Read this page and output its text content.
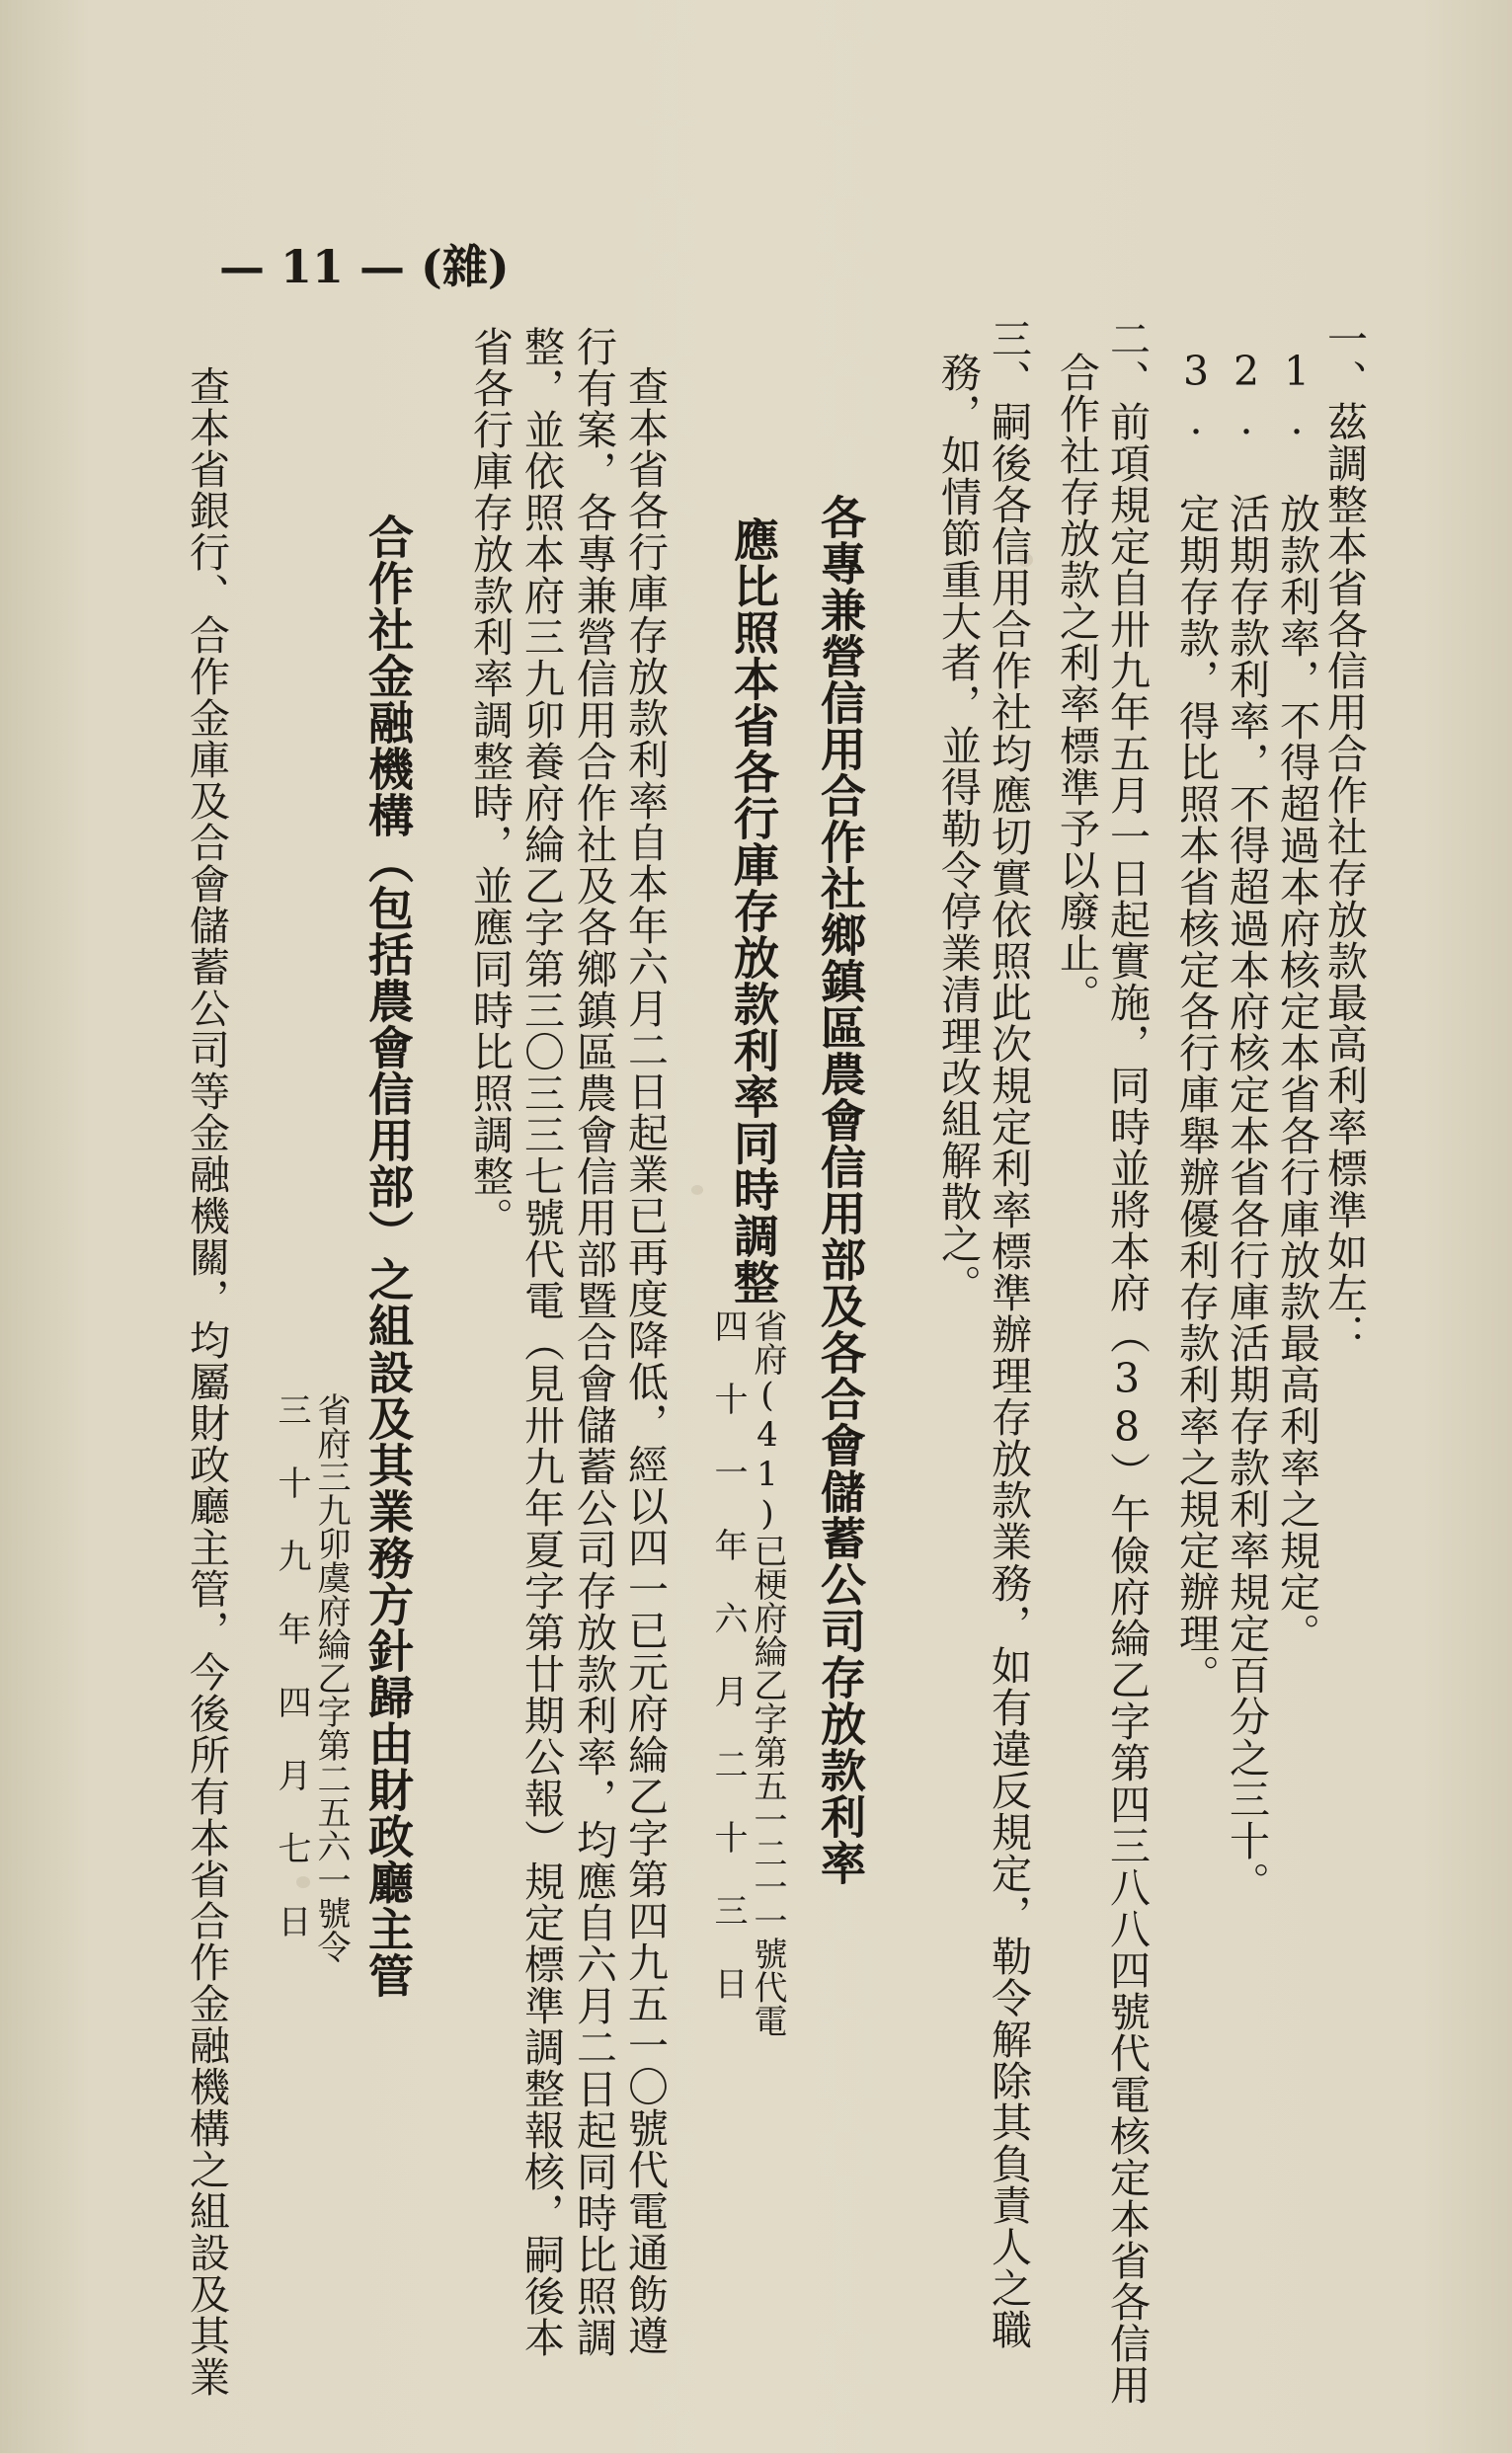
— 11 — (雜)
一、茲調整本省各信用合作社存放款最高利率標準如左：
1. 放款利率，不得超過本府核定本省各行庫放款最高利率之規定。
2. 活期存款利率，不得超過本府核定本省各行庫活期存款利率規定百分之三十。
3. 定期存款，得比照本省核定各行庫舉辦優利存款利率之規定辦理。
二、前項規定自卅九年五月一日起實施，同時並將本府（38）午儉府綸乙字第四三八八四號代電核定本省各信用
合作社存放款之利率標準予以廢止。
三、嗣後各信用合作社均應切實依照此次規定利率標準辦理存放款業務，如有違反規定，勒令解除其負責人之職
務，如情節重大者，並得勒令停業清理改組解散之。
各專兼營信用合作社鄉鎮區農會信用部及各合會儲蓄公司存放款利率
應比照本省各行庫存放款利率同時調整
省府(41)已梗府綸乙字第五一二一一號代電
四 十 一 年 六 月 二 十 三 日
查本省各行庫存放款利率自本年六月二日起業已再度降低，經以四一已元府綸乙字第四九五一〇號代電通飭遵
行有案，各專兼營信用合作社及各鄉鎮區農會信用部暨合會儲蓄公司存放款利率，均應自六月二日起同時比照調
整，並依照本府三九卯養府綸乙字第三〇三三七號代電（見卅九年夏字第廿期公報）規定標準調整報核，嗣後本
省各行庫存放款利率調整時，並應同時比照調整。
合作社金融機構（包括農會信用部）之組設及其業務方針歸由財政廳主管
省府三九卯虞府綸乙字第二五六一號令
三 十 九 年 四 月 七 日
查本省銀行、合作金庫及合會儲蓄公司等金融機關，均屬財政廳主管，今後所有本省合作金融機構之組設及其業
